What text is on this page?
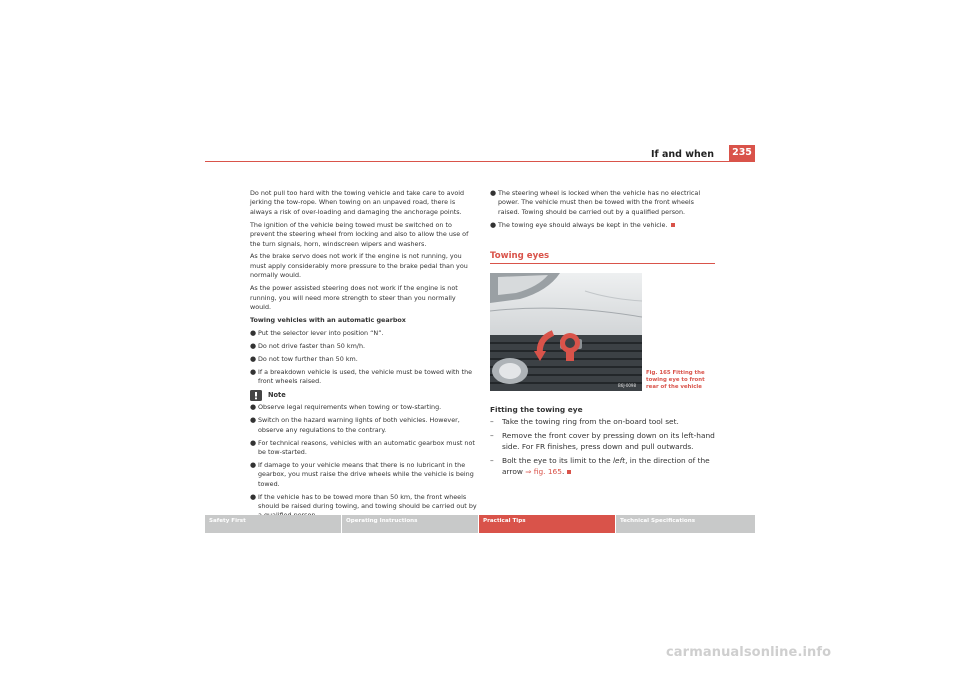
If and when	235

Do not pull too hard with the towing vehicle and take care to avoid jerking the tow-rope. When towing on an unpaved road, there is always a risk of over-loading and damaging the anchorage points.

The ignition of the vehicle being towed must be switched on to prevent the steering wheel from locking and also to allow the use of the turn signals, horn, windscreen wipers and washers.

As the brake servo does not work if the engine is not running, you must apply considerably more pressure to the brake pedal than you normally would.

As the power assisted steering does not work if the engine is not running, you will need more strength to steer than you normally would.

Towing vehicles with an automatic gearbox

● Put the selector lever into position “N”.

● Do not drive faster than 50 km/h.

● Do not tow further than 50 km.

● If a breakdown vehicle is used, the vehicle must be towed with the front wheels raised.

Note

● Observe legal requirements when towing or tow-starting.

● Switch on the hazard warning lights of both vehicles. However, observe any regulations to the contrary.

● For technical reasons, vehicles with an automatic gearbox must not be tow-started.

● If damage to your vehicle means that there is no lubricant in the gearbox, you must raise the drive wheels while the vehicle is being towed.

● If the vehicle has to be towed more than 50 km, the front wheels should be raised during towing, and towing should be carried out by

● The steering wheel is locked when the vehicle has no electrical power. The vehicle must then be towed with the front wheels raised. Towing should be carried out by a qualified person.

● The towing eye should always be kept in the vehicle.

Towing eyes
B6J-0098
Fig. 165 Fitting the towing eye to front rear of the vehicle

Fitting the towing eye

– Take the towing ring from the on-board tool set.

– Remove the front cover by pressing down on its left-hand side. For FR finishes, press down and pull outwards.

– Bolt the eye to its limit to the left, in the direction of the arrow ⇒ fig. 165.

Safety First	Operating Instructions	Practical Tips	Technical Specifications
carmanualsonline.info
